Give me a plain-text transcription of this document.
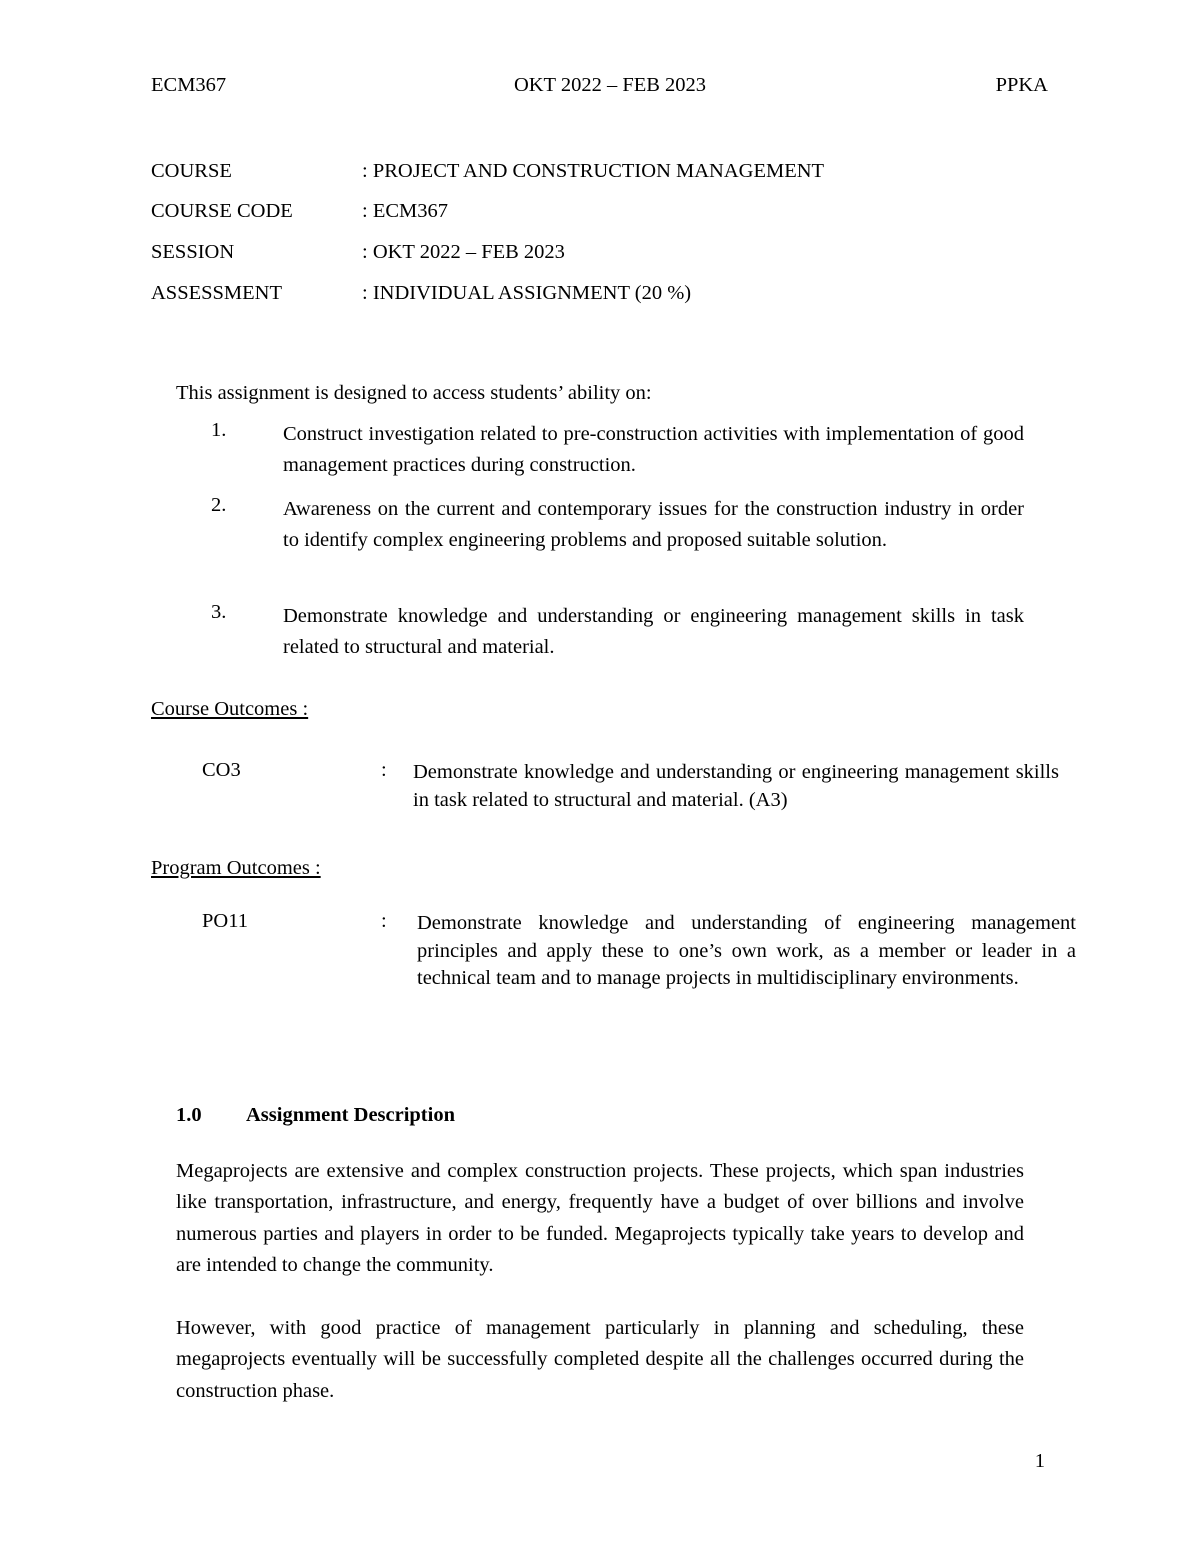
ECM367	OKT 2022 – FEB 2023	PPKA
COURSE	: PROJECT AND CONSTRUCTION MANAGEMENT
COURSE CODE	: ECM367
SESSION	: OKT 2022 – FEB 2023
ASSESSMENT	: INDIVIDUAL ASSIGNMENT (20 %)
This assignment is designed to access students’ ability on:
1.	Construct investigation related to pre-construction activities with implementation of good management practices during construction.
2.	Awareness on the current and contemporary issues for the construction industry in order to identify complex engineering problems and proposed suitable solution.
3.	Demonstrate knowledge and understanding or engineering management skills in task related to structural and material.
Course Outcomes :
CO3	: Demonstrate knowledge and understanding or engineering management skills in task related to structural and material. (A3)
Program Outcomes :
PO11	: Demonstrate knowledge and understanding of engineering management principles and apply these to one’s own work, as a member or leader in a technical team and to manage projects in multidisciplinary environments.
1.0 Assignment Description
Megaprojects are extensive and complex construction projects. These projects, which span industries like transportation, infrastructure, and energy, frequently have a budget of over billions and involve numerous parties and players in order to be funded. Megaprojects typically take years to develop and are intended to change the community.
However, with good practice of management particularly in planning and scheduling, these megaprojects eventually will be successfully completed despite all the challenges occurred during the construction phase.
1
